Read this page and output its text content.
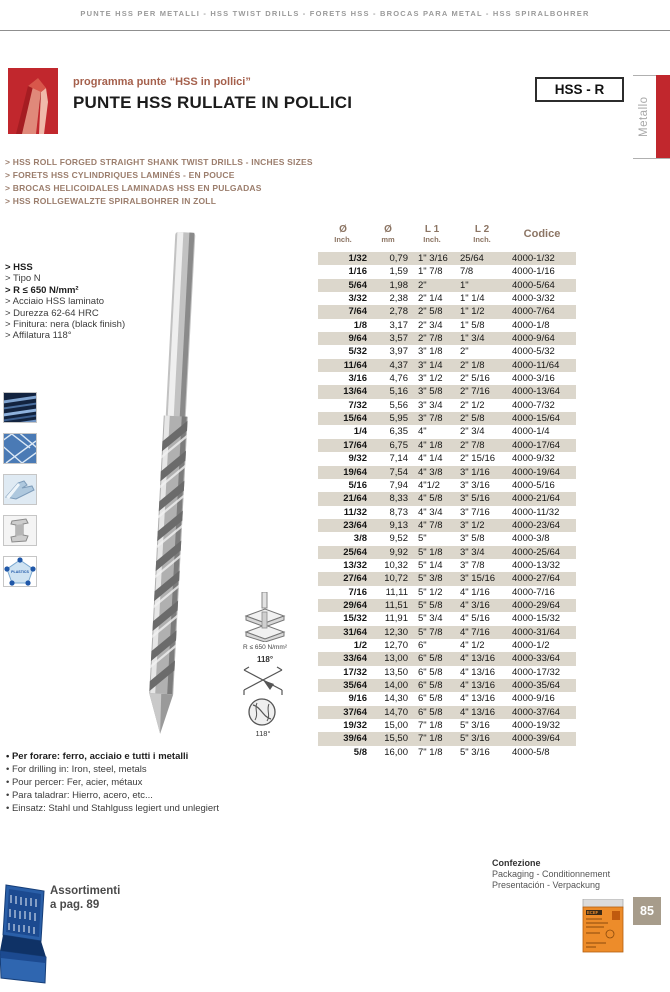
PUNTE HSS PER METALLI - HSS TWIST DRILLS - FORETS HSS - BROCAS PARA METAL - HSS SPIRALBOHRER
programma punte “HSS in pollici”
PUNTE HSS RULLATE IN POLLICI
HSS - R
Metallo
> HSS ROLL FORGED STRAIGHT SHANK TWIST DRILLS - INCHES SIZES
> FORETS HSS CYLINDRIQUES LAMINÉS - EN POUCE
> BROCAS HELICOIDALES LAMINADAS HSS EN PULGADAS
> HSS ROLLGEWALZTE SPIRALBOHRER IN ZOLL
> HSS
> Tipo N
> R ≤ 650 N/mm²
> Acciaio HSS laminato
> Durezza 62-64 HRC
> Finitura: nera (black finish)
> Affilatura 118°
PLASTICS
R ≤ 650 N/mm²
118°
118°
Ø
Inch.
Ø
mm
L 1
Inch.
L 2
Inch.	Codice
1/32	0,79	1" 3/16	25/64	4000-1/32
1/16	1,59	1" 7/8	7/8	4000-1/16
5/64	1,98	2"	1"	4000-5/64
3/32	2,38	2" 1/4	1" 1/4	4000-3/32
7/64	2,78	2" 5/8	1" 1/2	4000-7/64
1/8	3,17	2" 3/4	1" 5/8	4000-1/8
9/64	3,57	2" 7/8	1" 3/4	4000-9/64
5/32	3,97	3" 1/8	2"	4000-5/32
11/64	4,37	3" 1/4	2" 1/8	4000-11/64
3/16	4,76	3" 1/2	2" 5/16	4000-3/16
13/64	5,16	3" 5/8	2" 7/16	4000-13/64
7/32	5,56	3" 3/4	2" 1/2	4000-7/32
15/64	5,95	3" 7/8	2" 5/8	4000-15/64
1/4	6,35	4"	2" 3/4	4000-1/4
17/64	6,75	4" 1/8	2" 7/8	4000-17/64
9/32	7,14	4" 1/4	2" 15/16	4000-9/32
19/64	7,54	4" 3/8	3" 1/16	4000-19/64
5/16	7,94	4"1/2	3" 3/16	4000-5/16
21/64	8,33	4" 5/8	3" 5/16	4000-21/64
11/32	8,73	4" 3/4	3" 7/16	4000-11/32
23/64	9,13	4" 7/8	3" 1/2	4000-23/64
3/8	9,52	5"	3" 5/8	4000-3/8
25/64	9,92	5" 1/8	3" 3/4	4000-25/64
13/32	10,32	5" 1/4	3" 7/8	4000-13/32
27/64	10,72	5" 3/8	3" 15/16	4000-27/64
7/16	11,11	5" 1/2	4" 1/16	4000-7/16
29/64	11,51	5" 5/8	4" 3/16	4000-29/64
15/32	11,91	5" 3/4	4" 5/16	4000-15/32
31/64	12,30	5" 7/8	4" 7/16	4000-31/64
1/2	12,70	6"	4" 1/2	4000-1/2
33/64	13,00	6" 5/8	4" 13/16	4000-33/64
17/32	13,50	6" 5/8	4" 13/16	4000-17/32
35/64	14,00	6" 5/8	4" 13/16	4000-35/64
9/16	14,30	6" 5/8	4" 13/16	4000-9/16
37/64	14,70	6" 5/8	4" 13/16	4000-37/64
19/32	15,00	7" 1/8	5" 3/16	4000-19/32
39/64	15,50	7" 1/8	5" 3/16	4000-39/64
5/8	16,00	7" 1/8	5" 3/16	4000-5/8
• Per forare: ferro, acciaio e tutti i metalli
• For drilling in: Iron, steel, metals
• Pour percer: Fer, acier, métaux
• Para taladrar: Hierro, acero, etc...
• Einsatz: Stahl und Stahlguss legiert und unlegiert
Assortimenti
a pag. 89
Confezione
Packaging - Conditionnement
Presentación - Verpackung
ECEF	85
